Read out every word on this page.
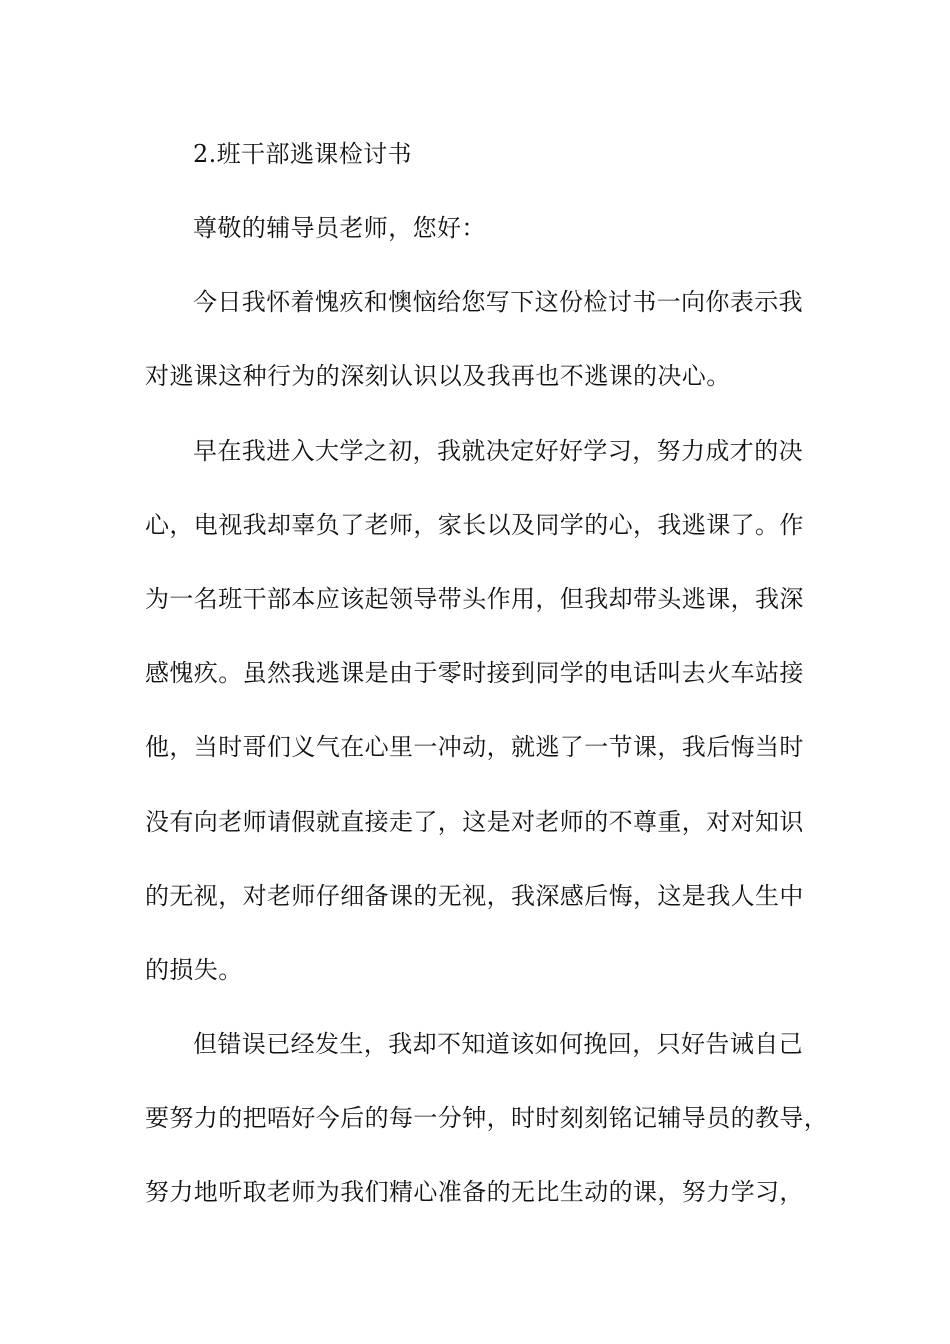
2.班干部逃课检讨书
尊敬的辅导员老师，您好：
今日我怀着愧疚和懊恼给您写下这份检讨书一向你表示我
对逃课这种行为的深刻认识以及我再也不逃课的决心。
早在我进入大学之初，我就决定好好学习，努力成才的决
心，电视我却辜负了老师，家长以及同学的心，我逃课了。作
为一名班干部本应该起领导带头作用，但我却带头逃课，我深
感愧疚。虽然我逃课是由于零时接到同学的电话叫去火车站接
他，当时哥们义气在心里一冲动，就逃了一节课，我后悔当时
没有向老师请假就直接走了，这是对老师的不尊重，对对知识
的无视，对老师仔细备课的无视，我深感后悔，这是我人生中
的损失。
但错误已经发生，我却不知道该如何挽回，只好告诫自己
要努力的把唔好今后的每一分钟，时时刻刻铭记辅导员的教导，
努力地听取老师为我们精心准备的无比生动的课，努力学习，
